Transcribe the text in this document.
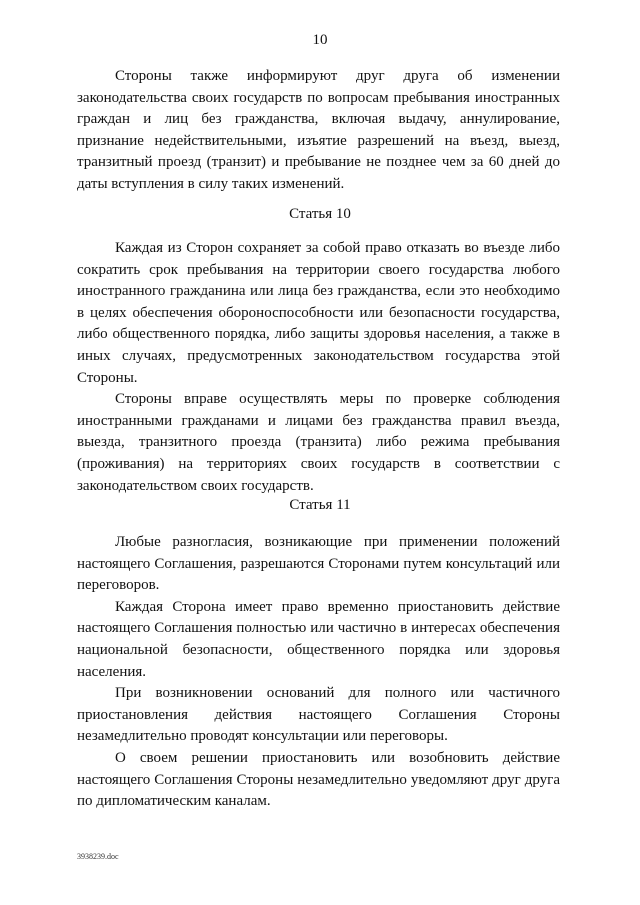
10

Стороны также информируют друг друга об изменении законодательства своих государств по вопросам пребывания иностранных граждан и лиц без гражданства, включая выдачу, аннулирование, признание недействительными, изъятие разрешений на въезд, выезд, транзитный проезд (транзит) и пребывание не позднее чем за 60 дней до даты вступления в силу таких изменений.

Статья 10

Каждая из Сторон сохраняет за собой право отказать во въезде либо сократить срок пребывания на территории своего государства любого иностранного гражданина или лица без гражданства, если это необходимо в целях обеспечения обороноспособности или безопасности государства, либо общественного порядка, либо защиты здоровья населения, а также в иных случаях, предусмотренных законодательством государства этой Стороны.

Стороны вправе осуществлять меры по проверке соблюдения иностранными гражданами и лицами без гражданства правил въезда, выезда, транзитного проезда (транзита) либо режима пребывания (проживания) на территориях своих государств в соответствии с законодательством своих государств.

Статья 11

Любые разногласия, возникающие при применении положений настоящего Соглашения, разрешаются Сторонами путем консультаций или переговоров.

Каждая Сторона имеет право временно приостановить действие настоящего Соглашения полностью или частично в интересах обеспечения национальной безопасности, общественного порядка или здоровья населения.

При возникновении оснований для полного или частичного приостановления действия настоящего Соглашения Стороны незамедлительно проводят консультации или переговоры.

О своем решении приостановить или возобновить действие настоящего Соглашения Стороны незамедлительно уведомляют друг друга по дипломатическим каналам.

3938239.doc
